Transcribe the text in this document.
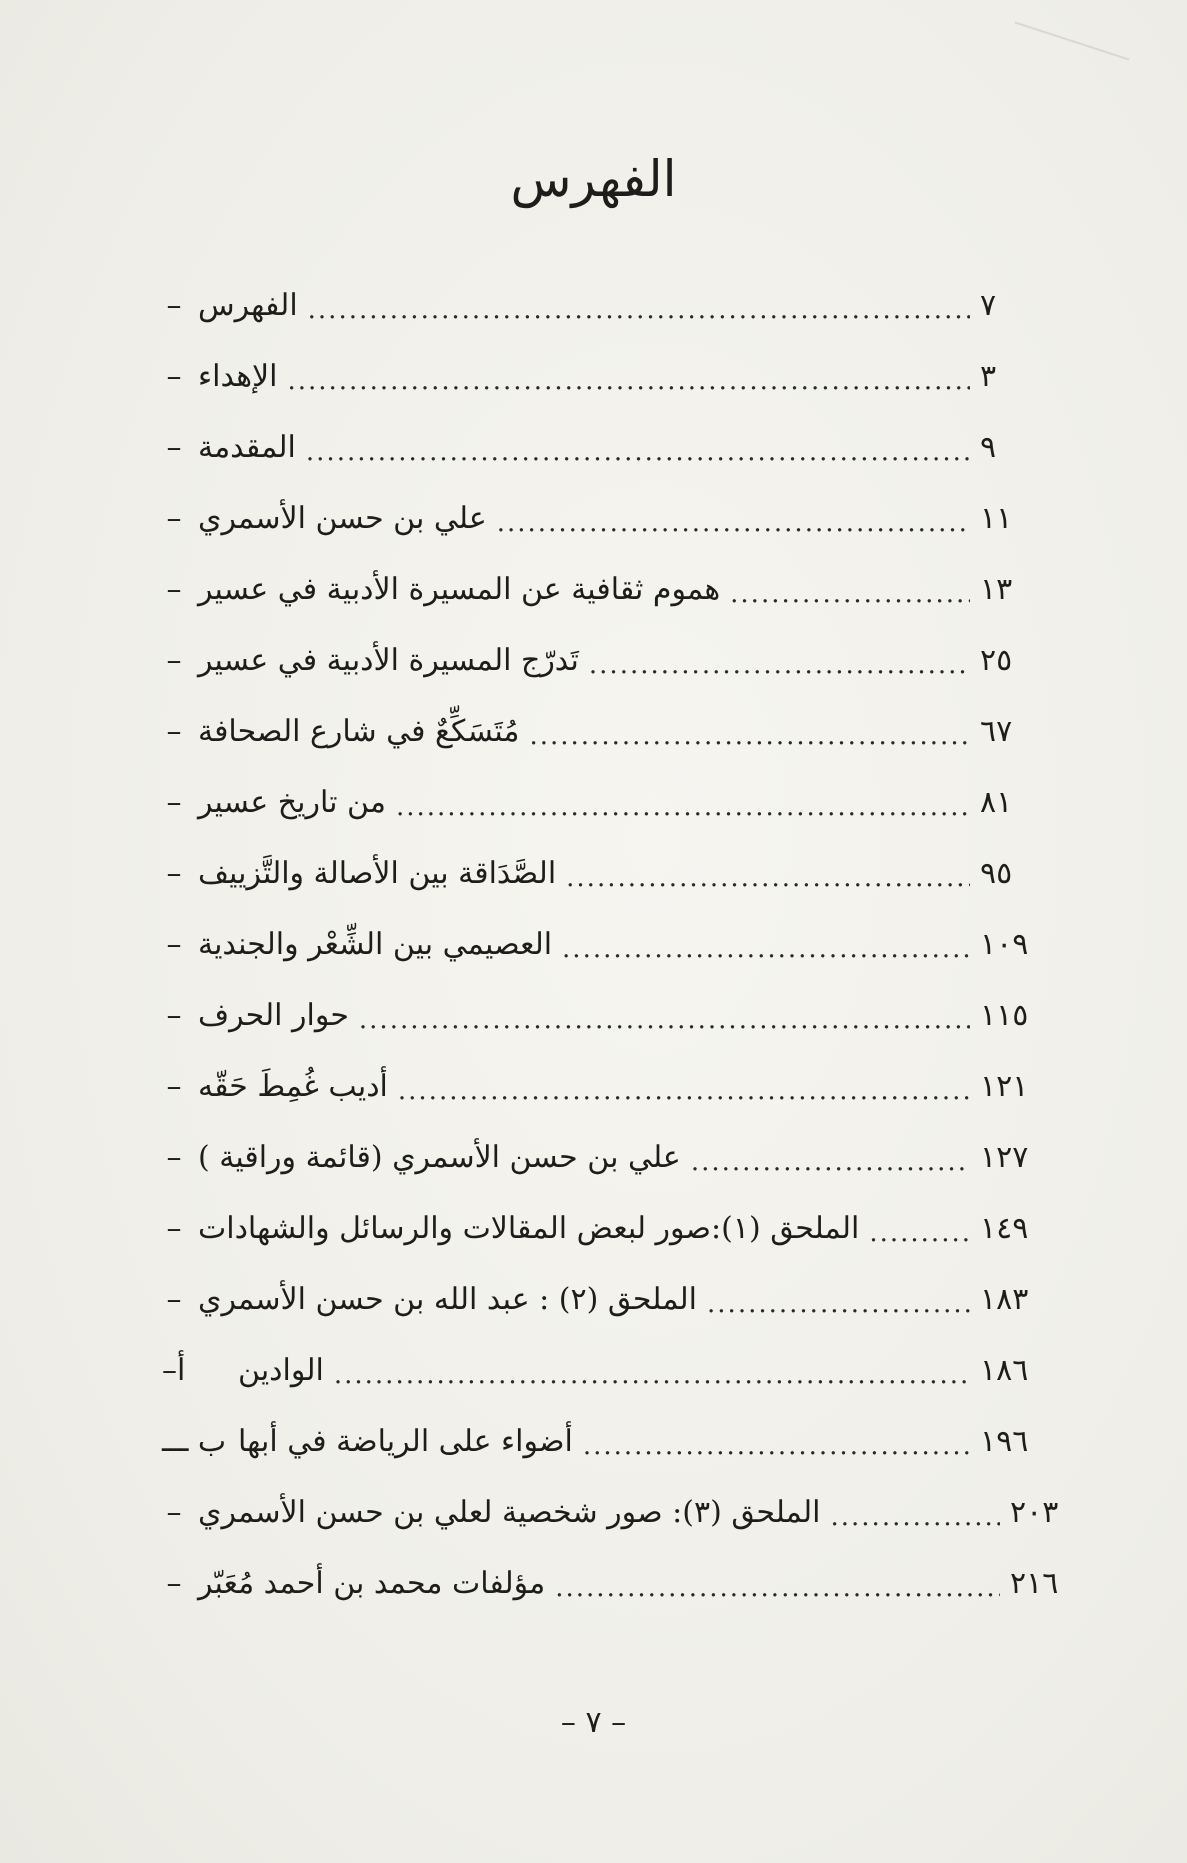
الفهرس
– الفهرس .....	٧
– الإهداء .....	٣
– المقدمة .....	٩
– علي بن حسن الأسمري .....	١١
– هموم ثقافية عن المسيرة الأدبية في عسير .....	١٣
– تَدرّج المسيرة الأدبية في عسير .....	٢٥
– مُتَسَكِّعٌ في شارع الصحافة .....	٦٧
– من تاريخ عسير .....	٨١
– الصَّدَاقة بين الأصالة والتَّزييف .....	٩٥
– العصيمي بين الشِّعْر والجندية .....	١٠٩
– حوار الحرف .....	١١٥
– أديب غُمِطَ حَقّه .....	١٢١
– علي بن حسن الأسمري (قائمة وراقية ) .....	١٢٧
– الملحق (١):صور لبعض المقالات والرسائل والشهادات .....	١٤٩
– الملحق (٢) : عبد الله بن حسن الأسمري .....	١٨٣
أ–	الوادين .....	١٨٦
ب ـــ أضواء على الرياضة في أبها .....	١٩٦
– الملحق (٣): صور شخصية لعلي بن حسن الأسمري .....	٢٠٣
– مؤلفات محمد بن أحمد مُعَبّر .....	٢١٦
– ٧ –
